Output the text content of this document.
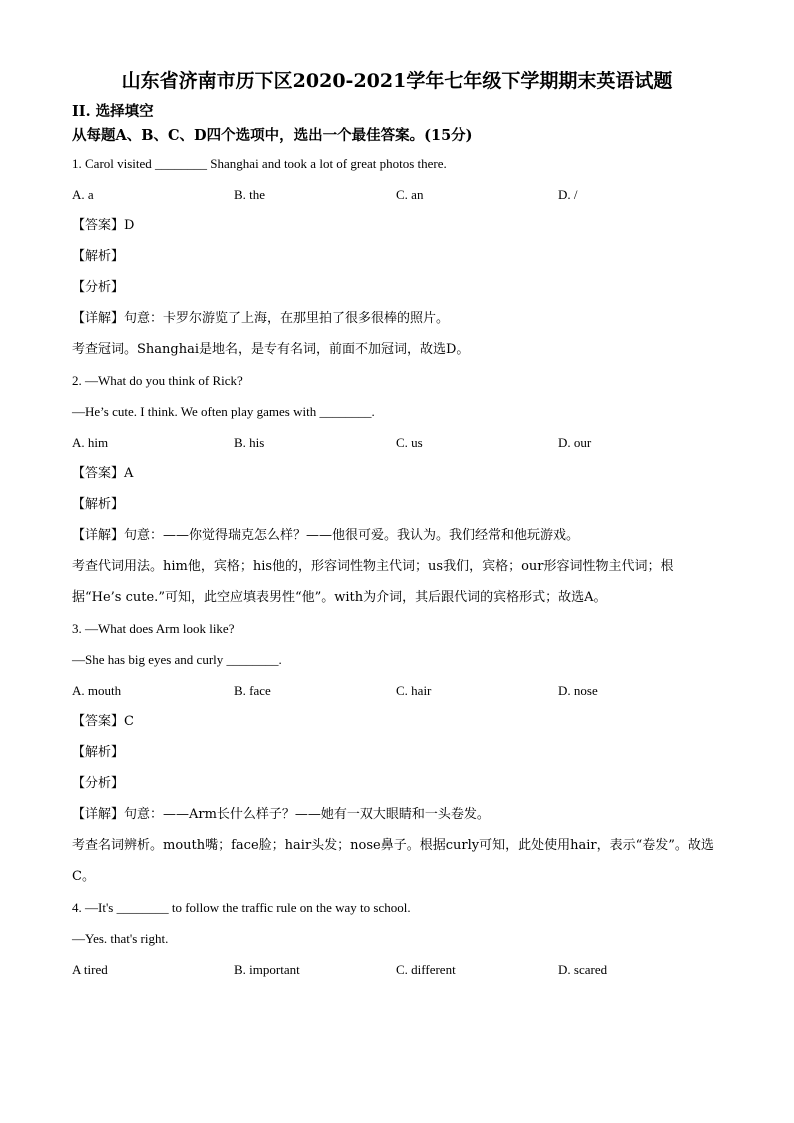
山东省济南市历下区2020-2021学年七年级下学期期末英语试题
II. 选择填空
从每题A、B、C、D四个选项中，选出一个最佳答案。(15分)
1. Carol visited ________ Shanghai and took a lot of great photos there.
A. a	B. the	C. an	D. /
【答案】D
【解析】
【分析】
【详解】句意：卡罗尔游览了上海，在那里拍了很多很棒的照片。
考查冠词。Shanghai是地名，是专有名词，前面不加冠词，故选D。
2. —What do you think of Rick?
—He’s cute. I think. We often play games with ________.
A. him	B. his	C. us	D. our
【答案】A
【解析】
【详解】句意：——你觉得瑞克怎么样？——他很可爱。我认为。我们经常和他玩游戏。
考查代词用法。him他，宾格；his他的，形容词性物主代词；us我们，宾格；our形容词性物主代词；根据“He’s cute.”可知，此空应填表男性“他”。with为介词，其后跟代词的宾格形式；故选A。
3. —What does Arm look like?
—She has big eyes and curly ________.
A. mouth	B. face	C. hair	D. nose
【答案】C
【解析】
【分析】
【详解】句意：——Arm长什么样子？——她有一双大眼睛和一头卷发。
考查名词辨析。mouth嘴；face脸；hair头发；nose鼻子。根据curly可知，此处使用hair，表示“卷发”。故选C。
4. —It's ________ to follow the traffic rule on the way to school.
—Yes. that's right.
A tired	B. important	C. different	D. scared
